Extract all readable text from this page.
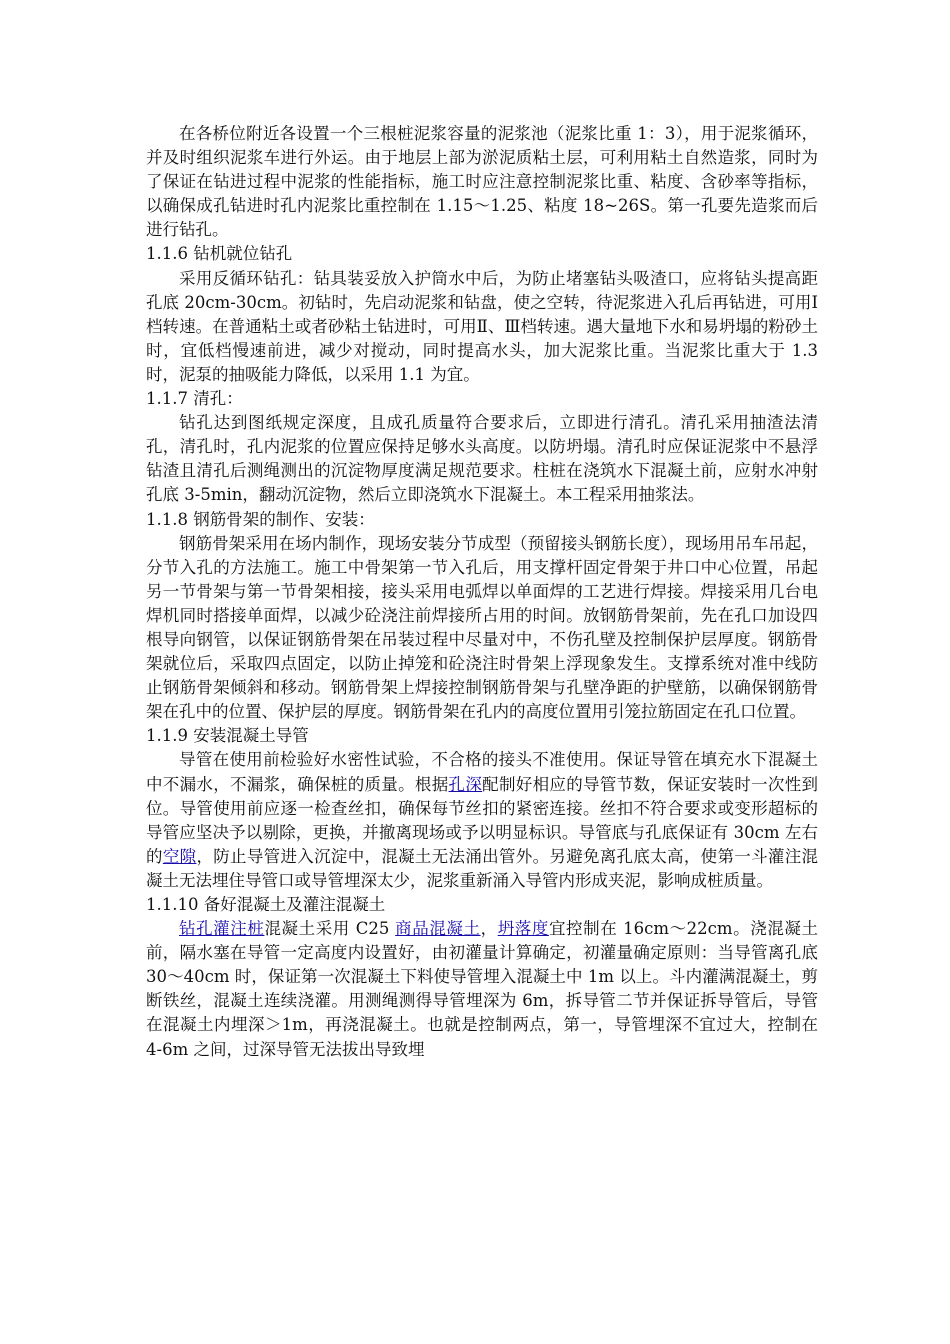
在各桥位附近各设置一个三根桩泥浆容量的泥浆池（泥浆比重 1：3），用于泥浆循环，并及时组织泥浆车进行外运。由于地层上部为淤泥质粘土层，可利用粘土自然造浆，同时为了保证在钻进过程中泥浆的性能指标，施工时应注意控制泥浆比重、粘度、含砂率等指标，以确保成孔钻进时孔内泥浆比重控制在 1.15～1.25、粘度 18~26S。第一孔要先造浆而后进行钻孔。

1.1.6 钻机就位钻孔

采用反循环钻孔：钻具装妥放入护筒水中后，为防止堵塞钻头吸渣口，应将钻头提高距孔底 20cm-30cm。初钻时，先启动泥浆和钻盘，使之空转，待泥浆进入孔后再钻进，可用Ⅰ档转速。在普通粘土或者砂粘土钻进时，可用Ⅱ、Ⅲ档转速。遇大量地下水和易坍塌的粉砂土时，宜低档慢速前进，减少对搅动，同时提高水头，加大泥浆比重。当泥浆比重大于 1.3 时，泥泵的抽吸能力降低，以采用 1.1 为宜。

1.1.7 清孔：

钻孔达到图纸规定深度，且成孔质量符合要求后，立即进行清孔。清孔采用抽渣法清孔，清孔时，孔内泥浆的位置应保持足够水头高度。以防坍塌。清孔时应保证泥浆中不悬浮钻渣且清孔后测绳测出的沉淀物厚度满足规范要求。柱桩在浇筑水下混凝土前，应射水冲射孔底 3-5min，翻动沉淀物，然后立即浇筑水下混凝土。本工程采用抽浆法。

1.1.8 钢筋骨架的制作、安装：

钢筋骨架采用在场内制作，现场安装分节成型（预留接头钢筋长度），现场用吊车吊起，分节入孔的方法施工。施工中骨架第一节入孔后，用支撑杆固定骨架于井口中心位置，吊起另一节骨架与第一节骨架相接，接头采用电弧焊以单面焊的工艺进行焊接。焊接采用几台电焊机同时搭接单面焊，以减少砼浇注前焊接所占用的时间。放钢筋骨架前，先在孔口加设四根导向钢管，以保证钢筋骨架在吊装过程中尽量对中，不伤孔壁及控制保护层厚度。钢筋骨架就位后，采取四点固定，以防止掉笼和砼浇注时骨架上浮现象发生。支撑系统对准中线防止钢筋骨架倾斜和移动。钢筋骨架上焊接控制钢筋骨架与孔壁净距的护壁筋，以确保钢筋骨架在孔中的位置、保护层的厚度。钢筋骨架在孔内的高度位置用引笼拉筋固定在孔口位置。

1.1.9 安装混凝土导管

导管在使用前检验好水密性试验，不合格的接头不准使用。保证导管在填充水下混凝土中不漏水，不漏浆，确保桩的质量。根据孔深配制好相应的导管节数，保证安装时一次性到位。导管使用前应逐一检查丝扣，确保每节丝扣的紧密连接。丝扣不符合要求或变形超标的导管应坚决予以剔除，更换，并撤离现场或予以明显标识。导管底与孔底保证有 30cm 左右的空隙，防止导管进入沉淀中，混凝土无法涌出管外。另避免离孔底太高，使第一斗灌注混凝土无法埋住导管口或导管埋深太少，泥浆重新涌入导管内形成夹泥，影响成桩质量。

1.1.10 备好混凝土及灌注混凝土

钻孔灌注桩混凝土采用 C25 商品混凝土，坍落度宜控制在 16cm～22cm。浇混凝土前，隔水塞在导管一定高度内设置好，由初灌量计算确定，初灌量确定原则：当导管离孔底 30～40cm 时，保证第一次混凝土下料使导管埋入混凝土中 1m 以上。斗内灌满混凝土，剪断铁丝，混凝土连续浇灌。用测绳测得导管埋深为 6m，拆导管二节并保证拆导管后，导管在混凝土内埋深＞1m，再浇混凝土。也就是控制两点，第一，导管埋深不宜过大，控制在 4-6m 之间，过深导管无法拔出导致埋
